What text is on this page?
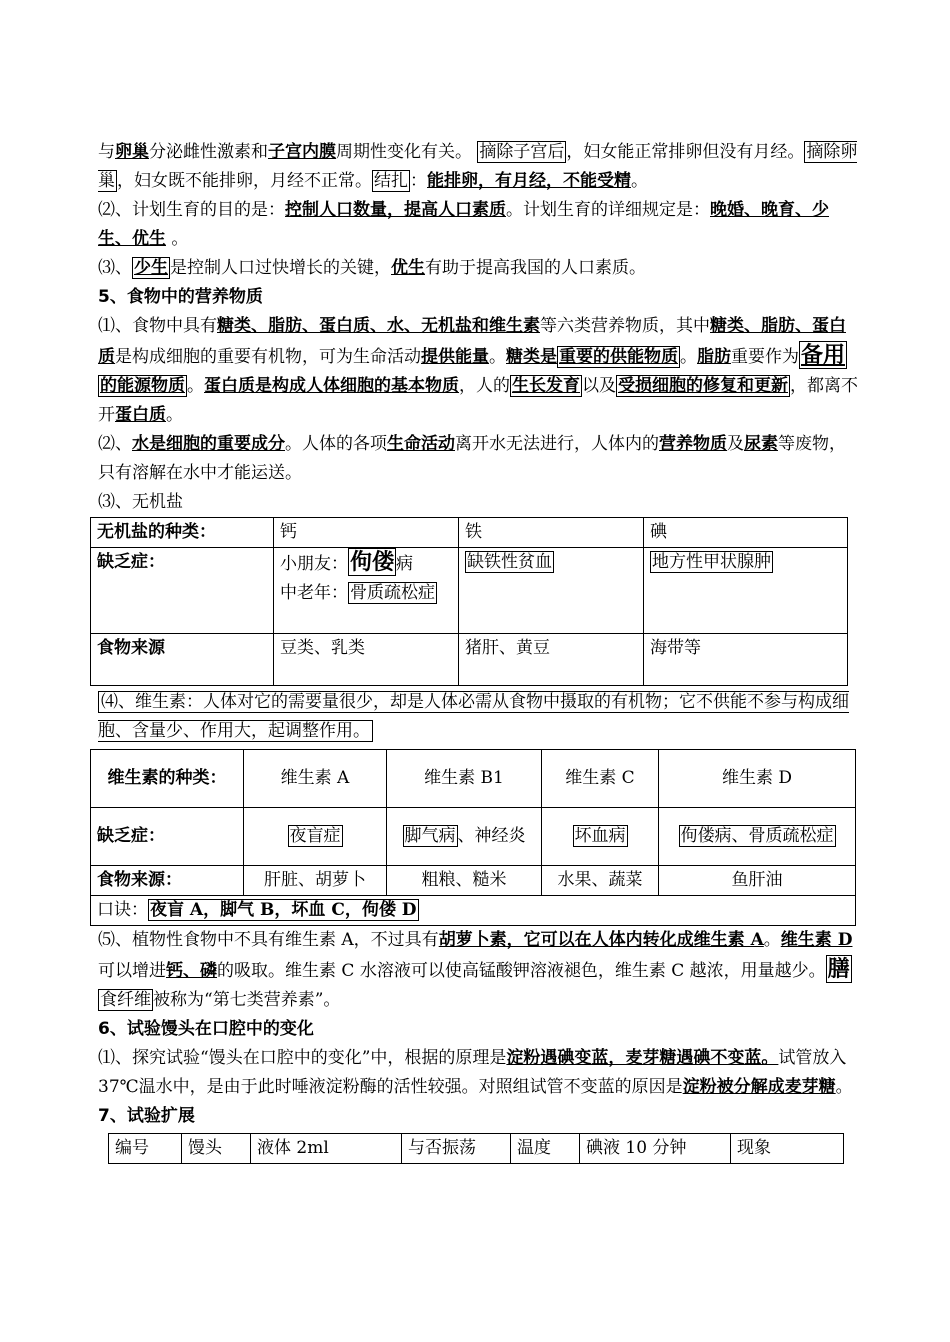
与卵巢分泌雌性激素和子宫内膜周期性变化有关。 摘除子宫后 ，妇女能正常排卵但没有月经。 摘除卵巢 ，妇女既不能排卵，月经不正常。 结扎 ：能排卵，有月经，不能受精。

⑵、计划生育的目的是：控制人口数量，提高人口素质。计划生育的详细规定是：晚婚、晚育、少生、优生 。

⑶、 少生 是控制人口过快增长的关键，优生有助于提高我国的人口素质。

5、食物中的营养物质

⑴、食物中具有糖类、脂肪、蛋白质、水、无机盐和维生素等六类营养物质，其中糖类、脂肪、蛋白质是构成细胞的重要有机物，可为生命活动提供能量。糖类是 重要的供能物质 。脂肪重要作为备用的能源物质 。蛋白质是构成人体细胞的基本物质，人的 生长发育 以及 受损细胞的修复和更新 ，都离不开蛋白质。

⑵、水是细胞的重要成分。人体的各项生命活动离开水无法进行，人体内的营养物质及尿素等废物，只有溶解在水中才能运送。

⑶、无机盐

无机盐的种类：	钙	铁	碘
缺乏症：	小朋友：佝偻 病
中老年： 骨质疏松症	缺铁性贫血	地方性甲状腺肿
食物来源	豆类、乳类	猪肝、黄豆	海带等

⑷、维生素：人体对它的需要量很少，却是人体必需从食物中摄取的有机物；它不供能不参与构成细胞、含量少、作用大，起调整作用。

维生素的种类：	维生素 A	维生素 B1	维生素 C	维生素 D
缺乏症：	夜盲症	脚气病 、神经炎	坏血病	佝偻病、骨质疏松症
食物来源：	肝脏、胡萝卜	粗粮、糙米	水果、蔬菜	鱼肝油
口诀： 夜盲 A，脚气 B，坏血 C，佝偻 D				

⑸、植物性食物中不具有维生素 A，不过具有胡萝卜素，它可以在人体内转化成维生素 A。维生素 D可以增进钙、磷的吸取。维生素 C 水溶液可以使高锰酸钾溶液褪色，维生素 C 越浓，用量越少。膳食纤维 被称为“第七类营养素”。

6、试验馒头在口腔中的变化

⑴、探究试验“馒头在口腔中的变化”中，根据的原理是淀粉遇碘变蓝，麦芽糖遇碘不变蓝。试管放入 37℃温水中，是由于此时唾液淀粉酶的活性较强。对照组试管不变蓝的原因是淀粉被分解成麦芽糖。

7、试验扩展
编号	馒头	液体 2ml	与否振荡	温度	碘液 10 分钟	现象
